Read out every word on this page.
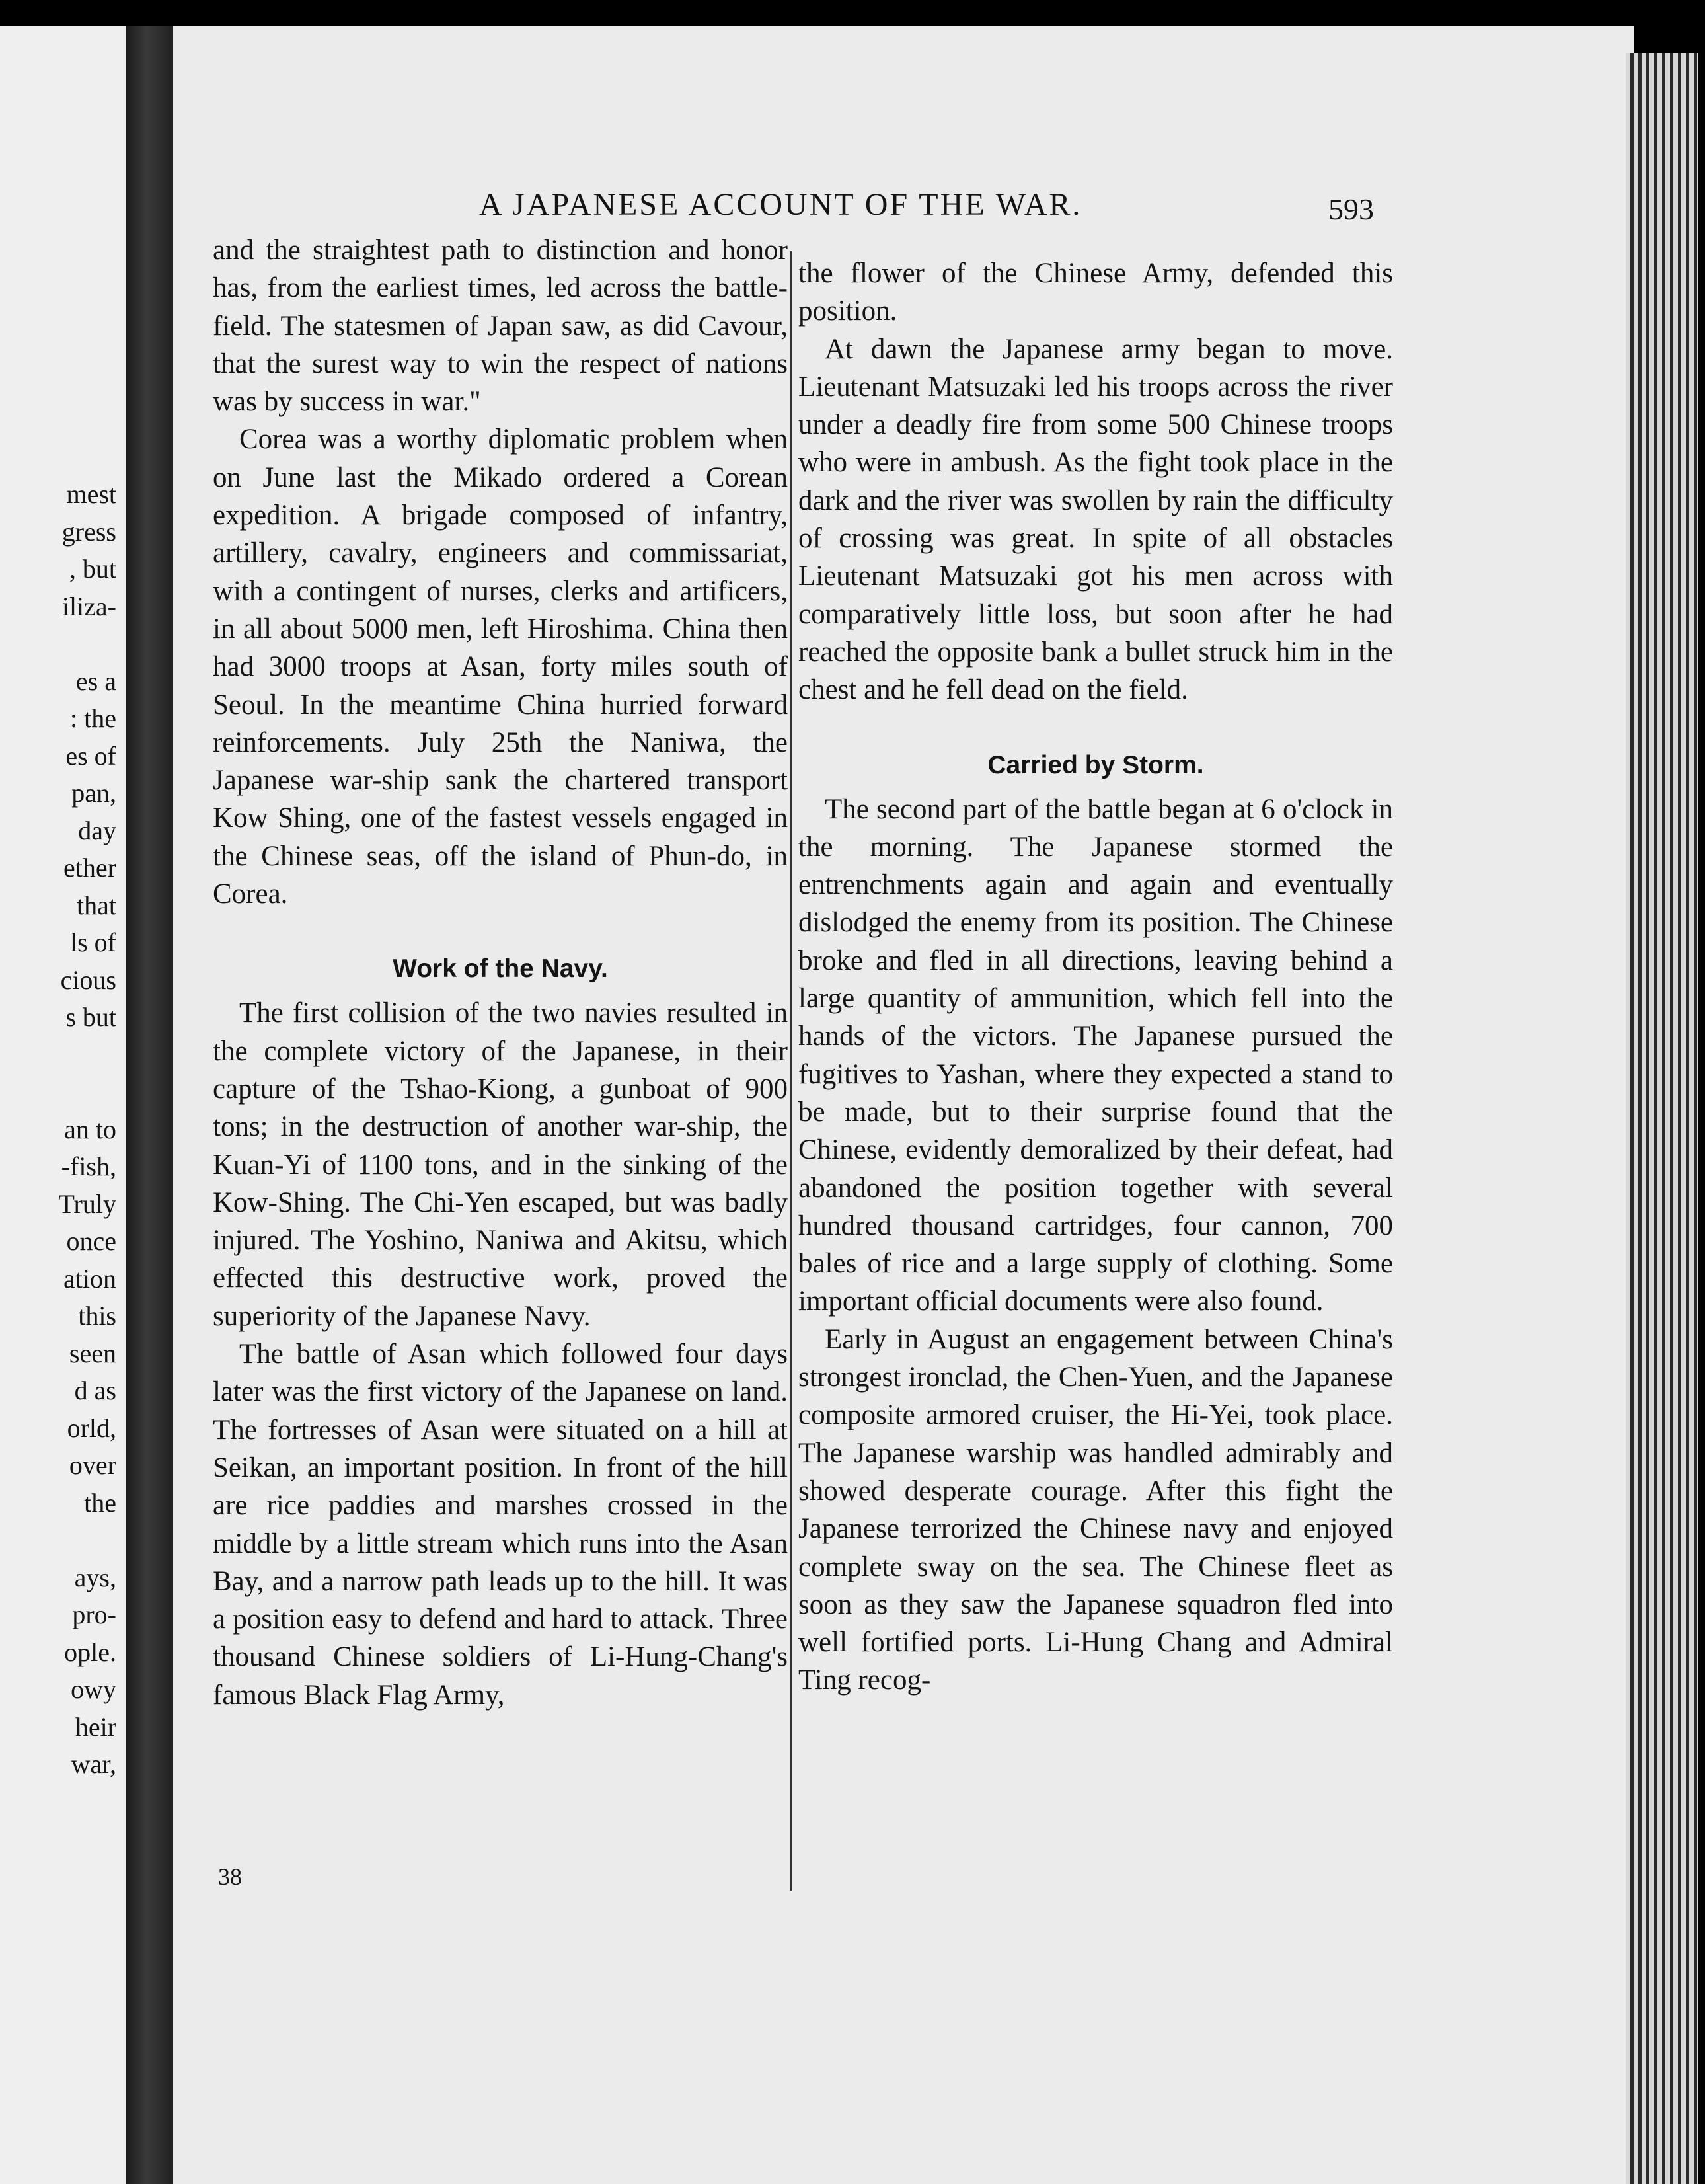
mest
gress
, but
iliza-
es a
: the
es of
pan,
day
ether
that
ls of
cious
s but
an to
-fish,
Truly
once
ation
this
seen
d as
orld,
over
the
ays,
pro-
ople.
owy
heir
war,
A JAPANESE ACCOUNT OF THE WAR.	593

and the straightest path to distinction and honor has, from the earliest times, led across the battle-field. The statesmen of Japan saw, as did Cavour, that the surest way to win the respect of nations was by success in war."

Corea was a worthy diplomatic problem when on June last the Mikado ordered a Corean expedition. A brigade composed of infantry, artillery, cavalry, engineers and commissariat, with a contingent of nurses, clerks and artificers, in all about 5000 men, left Hiroshima. China then had 3000 troops at Asan, forty miles south of Seoul. In the meantime China hurried forward reinforcements. July 25th the Naniwa, the Japanese war-ship sank the chartered transport Kow Shing, one of the fastest vessels engaged in the Chinese seas, off the island of Phun-do, in Corea.

Work of the Navy.

The first collision of the two navies resulted in the complete victory of the Japanese, in their capture of the Tshao-Kiong, a gunboat of 900 tons; in the destruction of another war-ship, the Kuan-Yi of 1100 tons, and in the sinking of the Kow-Shing. The Chi-Yen escaped, but was badly injured. The Yoshino, Naniwa and Akitsu, which effected this destructive work, proved the superiority of the Japanese Navy.

The battle of Asan which followed four days later was the first victory of the Japanese on land. The fortresses of Asan were situated on a hill at Seikan, an important position. In front of the hill are rice paddies and marshes crossed in the middle by a little stream which runs into the Asan Bay, and a narrow path leads up to the hill. It was a position easy to defend and hard to attack. Three thousand Chinese soldiers of Li-Hung-Chang's famous Black Flag Army,

the flower of the Chinese Army, defended this position.

At dawn the Japanese army began to move. Lieutenant Matsuzaki led his troops across the river under a deadly fire from some 500 Chinese troops who were in ambush. As the fight took place in the dark and the river was swollen by rain the difficulty of crossing was great. In spite of all obstacles Lieutenant Matsuzaki got his men across with comparatively little loss, but soon after he had reached the opposite bank a bullet struck him in the chest and he fell dead on the field.

Carried by Storm.

The second part of the battle began at 6 o'clock in the morning. The Japanese stormed the entrenchments again and again and eventually dislodged the enemy from its position. The Chinese broke and fled in all directions, leaving behind a large quantity of ammunition, which fell into the hands of the victors. The Japanese pursued the fugitives to Yashan, where they expected a stand to be made, but to their surprise found that the Chinese, evidently demoralized by their defeat, had abandoned the position together with several hundred thousand cartridges, four cannon, 700 bales of rice and a large supply of clothing. Some important official documents were also found.

Early in August an engagement between China's strongest ironclad, the Chen-Yuen, and the Japanese composite armored cruiser, the Hi-Yei, took place. The Japanese warship was handled admirably and showed desperate courage. After this fight the Japanese terrorized the Chinese navy and enjoyed complete sway on the sea. The Chinese fleet as soon as they saw the Japanese squadron fled into well fortified ports. Li-Hung Chang and Admiral Ting recog-

38
